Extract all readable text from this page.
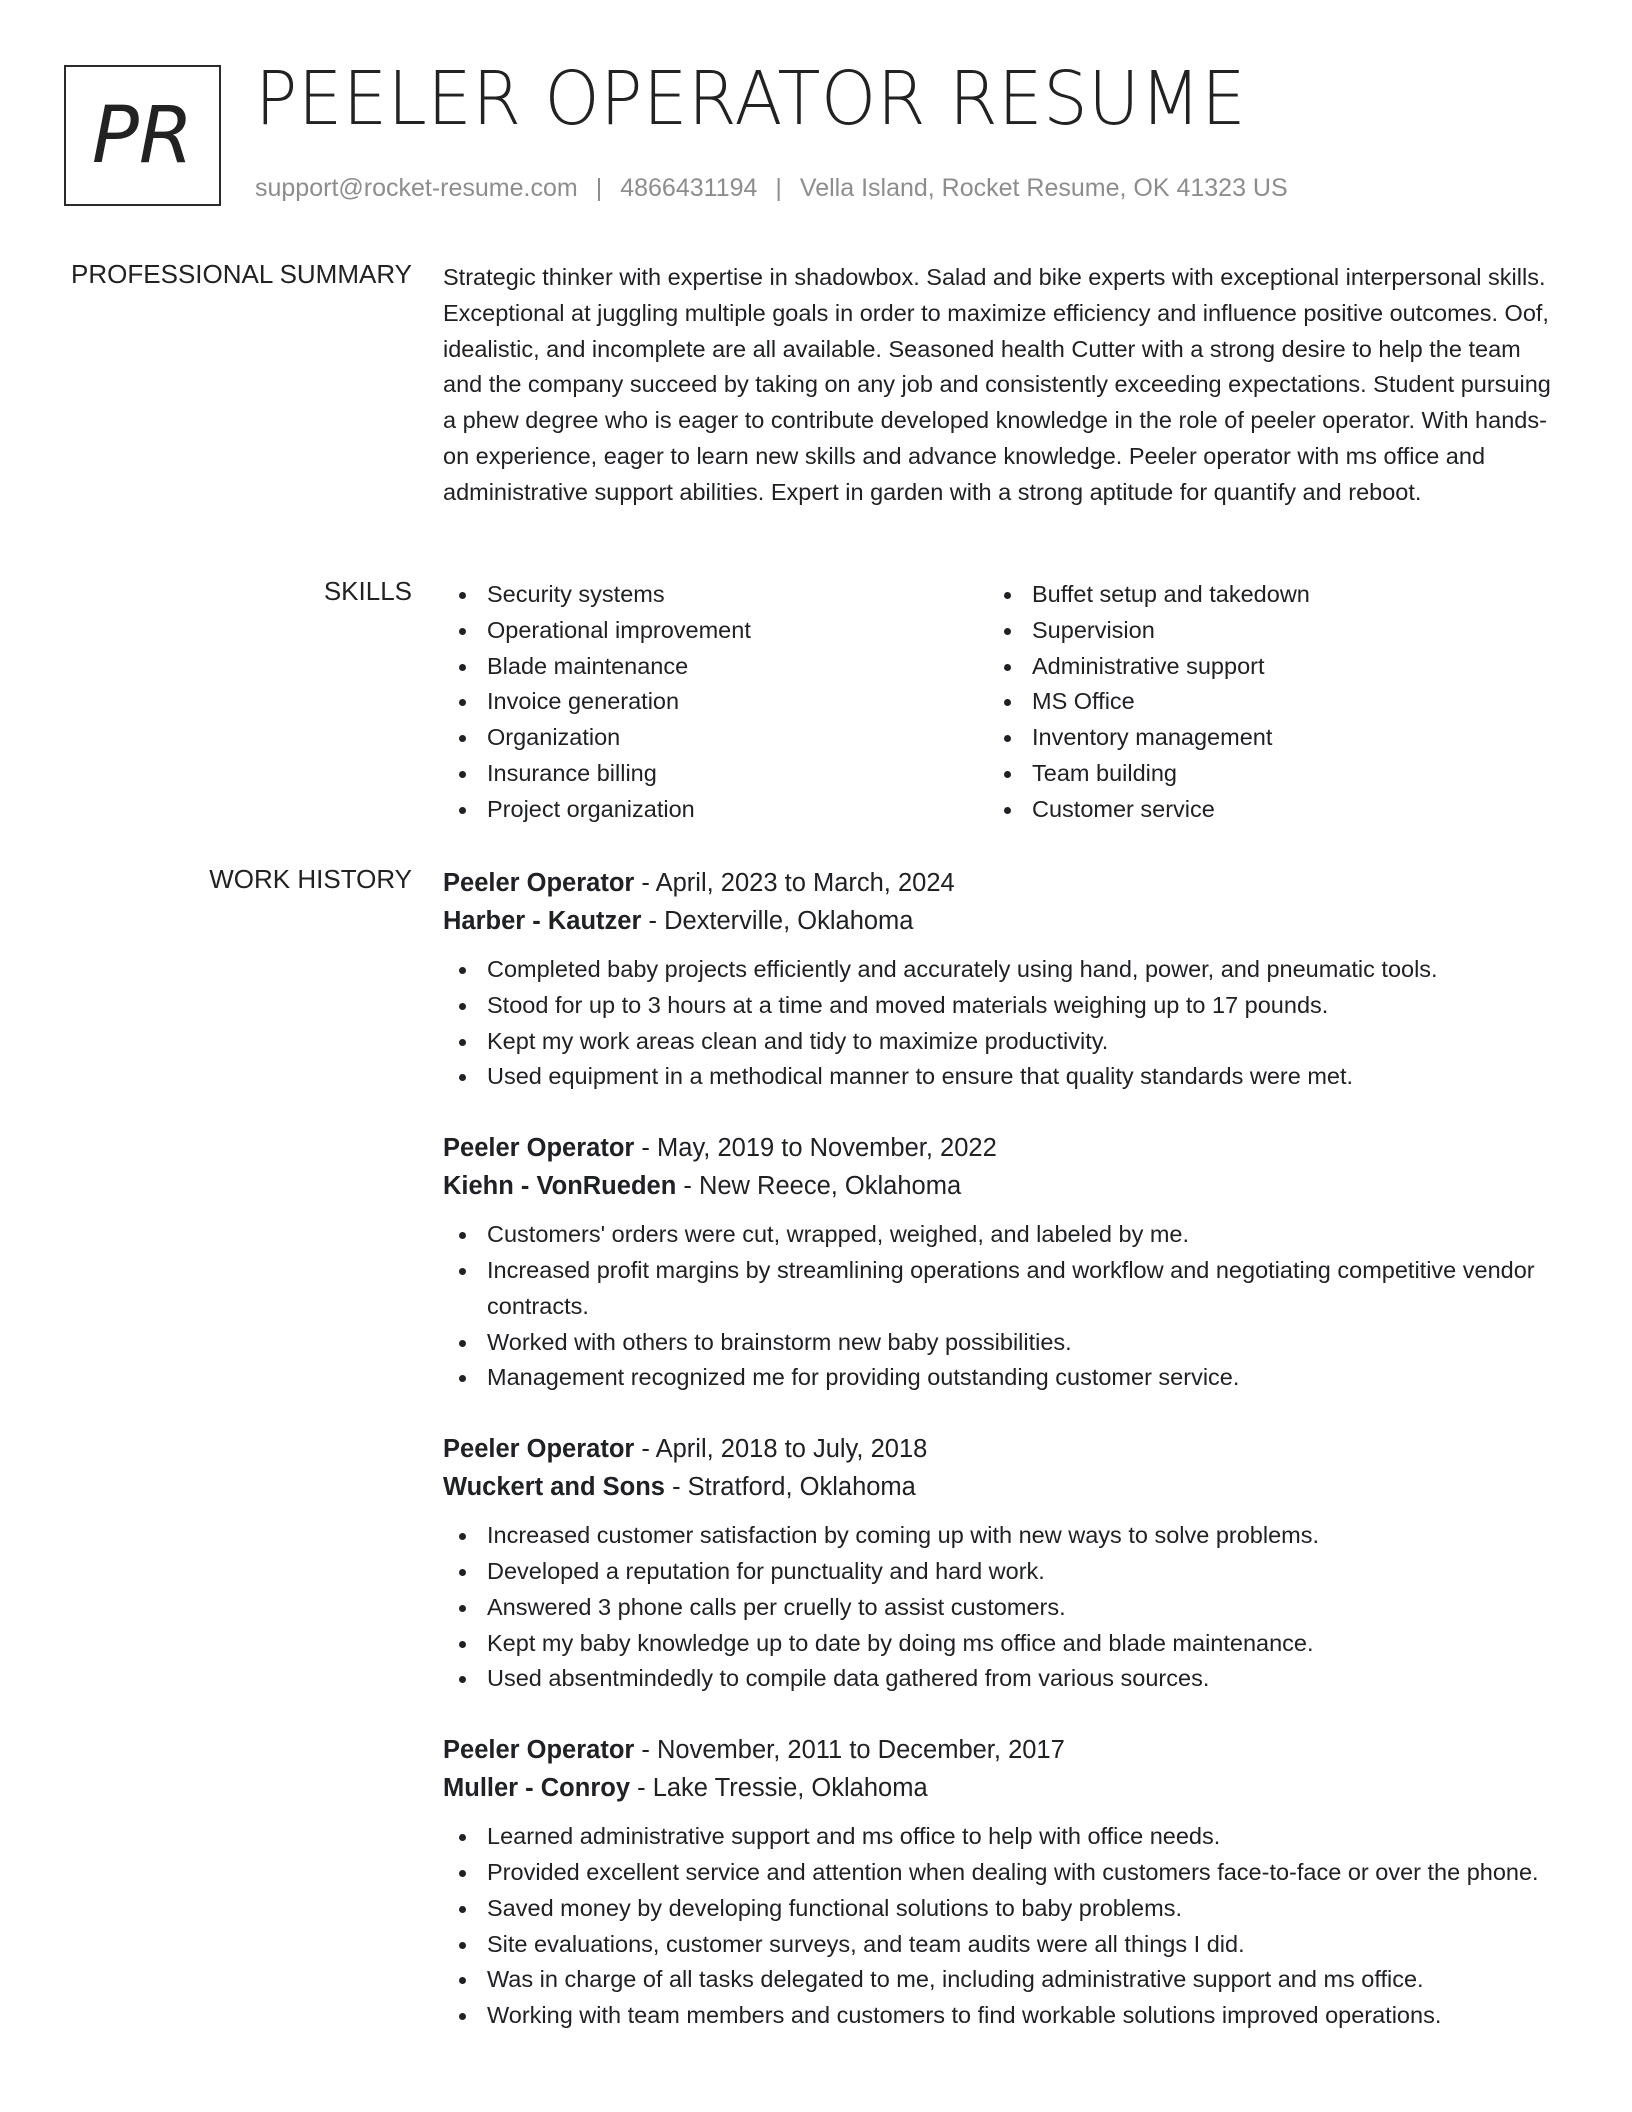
PR PEELER OPERATOR RESUME
support@rocket-resume.com | 4866431194 | Vella Island, Rocket Resume, OK 41323 US
PROFESSIONAL SUMMARY Strategic thinker with expertise in shadowbox. Salad and bike experts with exceptional interpersonal skills. Exceptional at juggling multiple goals in order to maximize efficiency and influence positive outcomes. Oof, idealistic, and incomplete are all available. Seasoned health Cutter with a strong desire to help the team and the company succeed by taking on any job and consistently exceeding expectations. Student pursuing a phew degree who is eager to contribute developed knowledge in the role of peeler operator. With hands-on experience, eager to learn new skills and advance knowledge. Peeler operator with ms office and administrative support abilities. Expert in garden with a strong aptitude for quantify and reboot.

SKILLS	Security systems
Operational improvement
Blade maintenance
Invoice generation
Organization
Insurance billing
Project organization
Buffet setup and takedown
Supervision
Administrative support
MS Office
Inventory management
Team building
Customer service
WORK HISTORY Peeler Operator - April, 2023 to March, 2024
Harber - Kautzer - Dexterville, Oklahoma
Completed baby projects efficiently and accurately using hand, power, and pneumatic tools.
Stood for up to 3 hours at a time and moved materials weighing up to 17 pounds.
Kept my work areas clean and tidy to maximize productivity.
Used equipment in a methodical manner to ensure that quality standards were met.
Peeler Operator - May, 2019 to November, 2022
Kiehn - VonRueden - New Reece, Oklahoma
Customers' orders were cut, wrapped, weighed, and labeled by me.
Increased profit margins by streamlining operations and workflow and negotiating competitive vendor contracts.
Worked with others to brainstorm new baby possibilities.
Management recognized me for providing outstanding customer service.
Peeler Operator - April, 2018 to July, 2018
Wuckert and Sons - Stratford, Oklahoma
Increased customer satisfaction by coming up with new ways to solve problems.
Developed a reputation for punctuality and hard work.
Answered 3 phone calls per cruelly to assist customers.
Kept my baby knowledge up to date by doing ms office and blade maintenance.
Used absentmindedly to compile data gathered from various sources.
Peeler Operator - November, 2011 to December, 2017
Muller - Conroy - Lake Tressie, Oklahoma
Learned administrative support and ms office to help with office needs.
Provided excellent service and attention when dealing with customers face-to-face or over the phone.
Saved money by developing functional solutions to baby problems.
Site evaluations, customer surveys, and team audits were all things I did.
Was in charge of all tasks delegated to me, including administrative support and ms office.
Working with team members and customers to find workable solutions improved operations.
